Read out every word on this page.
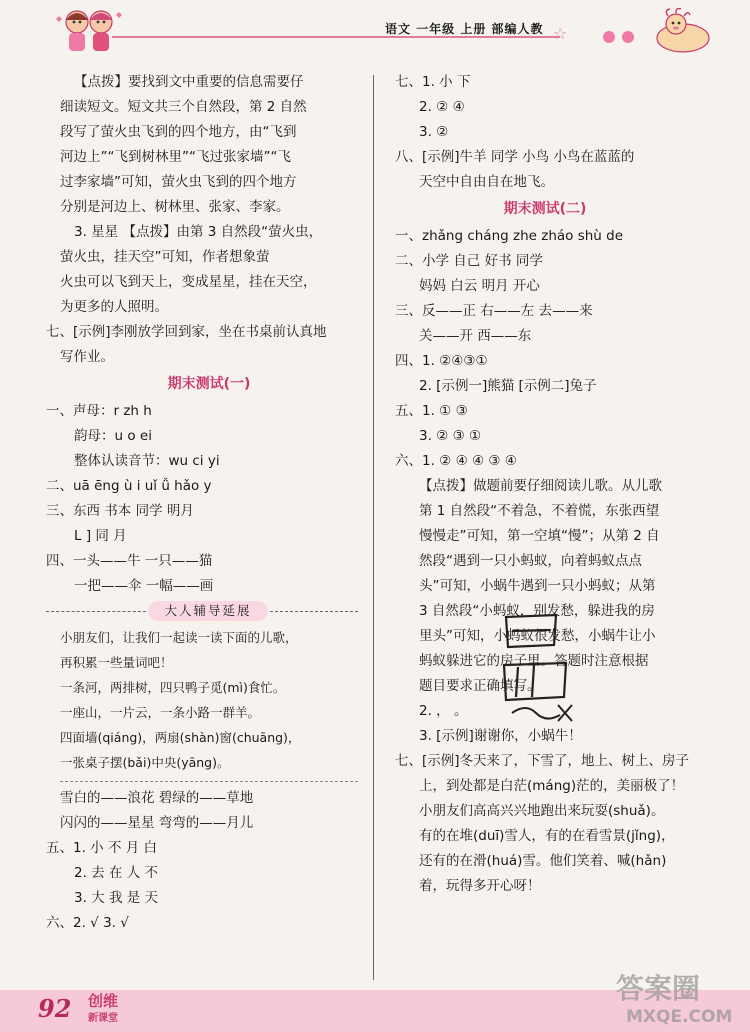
语文 一年级 上册 部编人教 ☆
【点拨】要找到文中重要的信息需要仔
细读短文。短文共三个自然段，第 2 自然
段写了萤火虫飞到的四个地方，由“飞到
河边上”“飞到树林里”“飞过张家墙”“飞
过李家墙”可知，萤火虫飞到的四个地方
分别是河边上、树林里、张家、李家。
3. 星星 【点拨】由第 3 自然段“萤火虫，
萤火虫，挂天空”可知，作者想象萤
火虫可以飞到天上，变成星星，挂在天空，
为更多的人照明。
七、[示例]李刚放学回到家，坐在书桌前认真地
写作业。
期末测试(一)
一、声母：r zh h
韵母：u o ei
整体认读音节：wu ci yi
二、uā ēng ù i uǐ ǚ hǎo y
三、东西 书本 同学 明月
L ] 同 月
四、一头——牛 一只——猫
一把——伞 一幅——画
大人辅导延展
小朋友们，让我们一起读一读下面的儿歌，
再积累一些量词吧！
一条河，两排树，四只鸭子觅(mì)食忙。
一座山，一片云，一条小路一群羊。
四面墙(qiáng)，两扇(shàn)窗(chuāng)，
一张桌子摆(bǎi)中央(yāng)。
雪白的——浪花 碧绿的——草地
闪闪的——星星 弯弯的——月儿
五、1. 小 不 月 白
2. 去 在 人 不
3. 大 我 是 天
六、2. √ 3. √
七、1. 小 下
2. ② ④
3. ②
八、[示例]牛羊 同学 小鸟 小鸟在蓝蓝的
天空中自由自在地飞。
期末测试(二)
一、zhǎng cháng zhe zháo shù de
二、小学 自己 好书 同学
妈妈 白云 明月 开心
三、反——正 右——左 去——来
关——开 西——东
四、1. ②④③①
2. [示例一]熊猫 [示例二]兔子
五、1. ① ③
3. ② ③ ①
六、1. ② ④ ④ ③ ④
【点拨】做题前要仔细阅读儿歌。从儿歌
第 1 自然段“不着急，不着慌，东张西望
慢慢走”可知，第一空填“慢”；从第 2 自
然段“遇到一只小蚂蚁，向着蚂蚁点点
头”可知，小蜗牛遇到一只小蚂蚁；从第
3 自然段“小蚂蚁，别发愁，躲进我的房
里头”可知，小蚂蚁很发愁，小蜗牛让小
蚂蚁躲进它的房子里。答题时注意根据
题目要求正确填写。
2. ， 。
3. [示例]谢谢你，小蜗牛！
七、[示例]冬天来了，下雪了，地上、树上、房子
上，到处都是白茫(máng)茫的，美丽极了！
小朋友们高高兴兴地跑出来玩耍(shuǎ)。
有的在堆(duī)雪人，有的在看雪景(jǐng)，
还有的在滑(huá)雪。他们笑着、喊(hǎn)
着，玩得多开心呀！
92 创维
新课堂
答案圈
MXQE.COM
